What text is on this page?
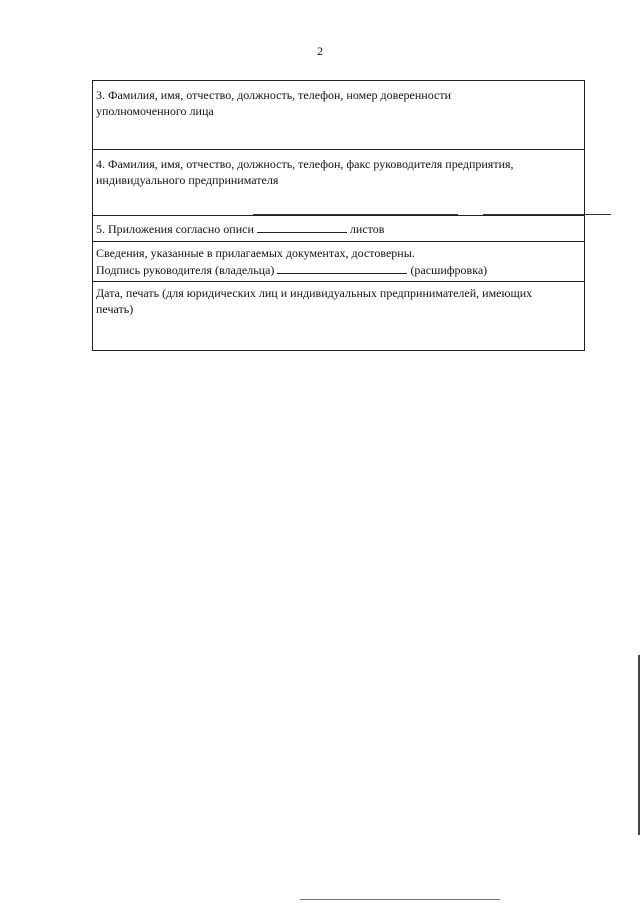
2
3. Фамилия, имя, отчество, должность, телефон, номер доверенности
уполномоченного лица

4. Фамилия, имя, отчество, должность, телефон, факс руководителя предприятия,
индивидуального предпринимателя

5. Приложения согласно описи	листов

Сведения, указанные в прилагаемых документах, достоверны.
Подпись руководителя (владельца)	(расшифровка)

Дата, печать (для юридических лиц и индивидуальных предпринимателей, имеющих
печать)
